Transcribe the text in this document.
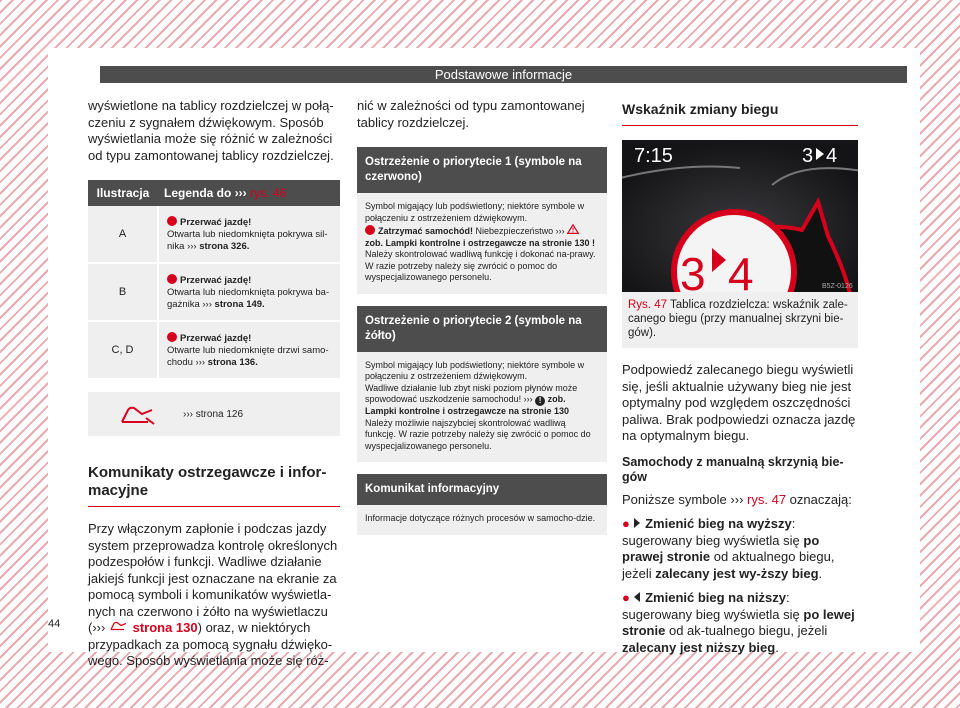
Podstawowe informacje

wyświetlone na tablicy rozdzielczej w połą-czeniu z sygnałem dźwiękowym. Sposób wyświetlania może się różnić w zależności od typu zamontowanej tablicy rozdzielczej.

Ilustracja	Legenda do ››› rys. 46
A	Przerwać jazdę!
Otwarta lub niedomknięta pokrywa sil-nika ››› strona 326.
B	Przerwać jazdę!
Otwarta lub niedomknięta pokrywa ba-gażnika ››› strona 149.
C, D	Przerwać jazdę!
Otwarte lub niedomknięte drzwi samo-chodu ››› strona 136.
››› strona 126
Komunikaty ostrzegawcze i infor-macyjne

Przy włączonym zapłonie i podczas jazdy system przeprowadza kontrolę określonych podzespołów i funkcji. Wadliwe działanie jakiejś funkcji jest oznaczane na ekranie za pomocą symboli i komunikatów wyświetla-nych na czerwono i żółto na wyświetlaczu (››› strona 130) oraz, w niektórych przypadkach za pomocą sygnału dźwięko-wego. Sposób wyświetlania może się róż-

nić w zależności od typu zamontowanej tablicy rozdzielczej.

Ostrzeżenie o priorytecie 1 (symbole na czerwono)
Symbol migający lub podświetlony; niektóre symbole w połączeniu z ostrzeżeniem dźwiękowym.
Zatrzymać samochód! Niebezpieczeństwo ›››
zob. Lampki kontrolne i ostrzegawcze na stronie 130 !
Należy skontrolować wadliwą funkcję i dokonać na-prawy. W razie potrzeby należy się zwrócić o pomoc do wyspecjalizowanego personelu.
Ostrzeżenie o priorytecie 2 (symbole na żółto)
Symbol migający lub podświetlony; niektóre symbole w połączeniu z ostrzeżeniem dźwiękowym.
Wadliwe działanie lub zbyt niski poziom płynów może spowodować uszkodzenie samochodu! ››› ! zob. Lampki kontrolne i ostrzegawcze na stronie 130
Należy możliwie najszybciej skontrolować wadliwą funkcję. W razie potrzeby należy się zwrócić o pomoc do wyspecjalizowanego personelu.
Komunikat informacyjny
Informacje dotyczące różnych procesów w samocho-dzie.
Wskaźnik zmiany biegu
7:15	3 4
3 4	B5Z-0126
Rys. 47 Tablica rozdzielcza: wskaźnik zale-canego biegu (przy manualnej skrzyni bie-gów).

Podpowiedź zalecanego biegu wyświetli się, jeśli aktualnie używany bieg nie jest optymalny pod względem oszczędności paliwa. Brak podpowiedzi oznacza jazdę na optymalnym biegu.

Samochody z manualną skrzynią bie-gów

Poniższe symbole ››› rys. 47 oznaczają:

● Zmienić bieg na wyższy: sugerowany bieg wyświetla się po prawej stronie od aktualnego biegu, jeżeli zalecany jest wy-ższy bieg.

● Zmienić bieg na niższy: sugerowany bieg wyświetla się po lewej stronie od ak-tualnego biegu, jeżeli zalecany jest niższy bieg.

44
